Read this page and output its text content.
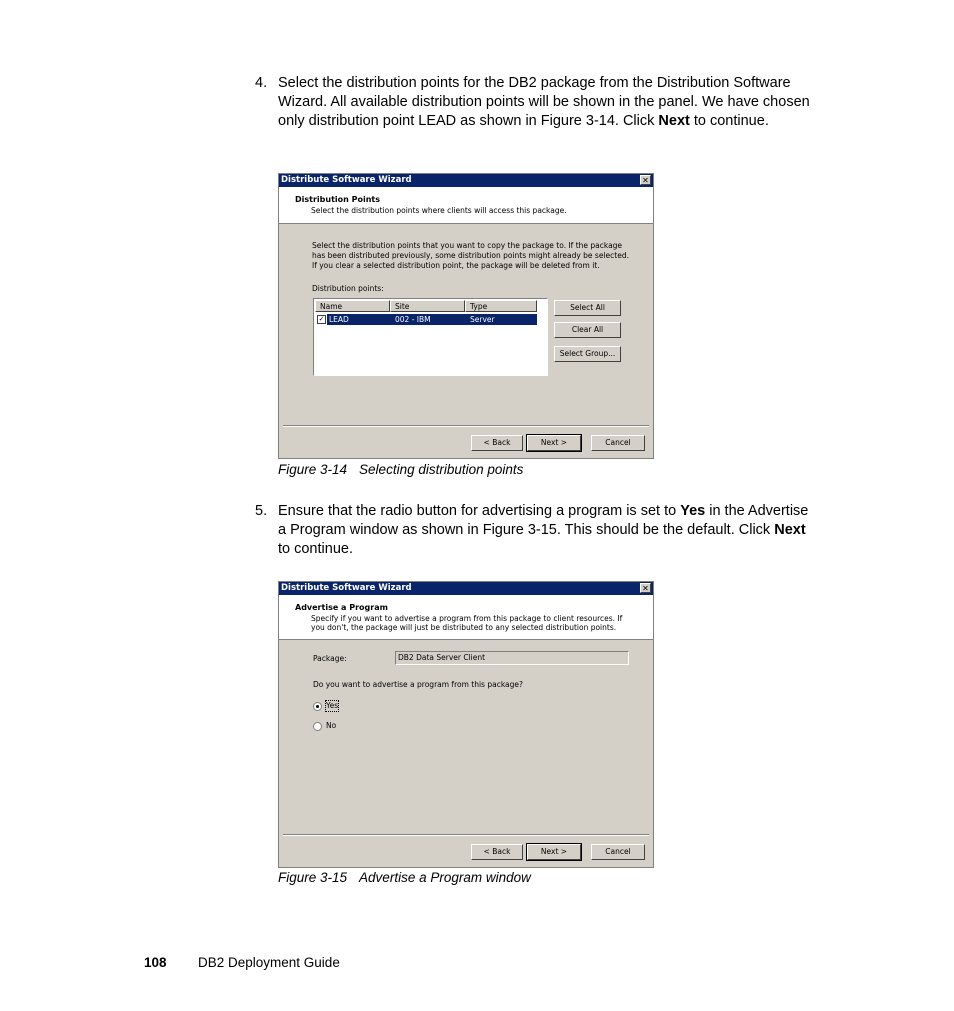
4. Select the distribution points for the DB2 package from the Distribution Software Wizard. All available distribution points will be shown in the panel. We have chosen only distribution point LEAD as shown in Figure 3-14. Click Next to continue.
Distribute Software Wizard	✕
Distribution Points
Select the distribution points where clients will access this package.
Select the distribution points that you want to copy the package to. If the package has been distributed previously, some distribution points might already be selected. If you clear a selected distribution point, the package will be deleted from it.
Distribution points:
Name	Site	Type
✓ LEAD	002 - IBM	Server
Select All
Clear All
Select Group...
< Back	Next >	Cancel
Figure 3-14 Selecting distribution points
5. Ensure that the radio button for advertising a program is set to Yes in the Advertise a Program window as shown in Figure 3-15. This should be the default. Click Next to continue.
Distribute Software Wizard	✕
Advertise a Program
Specify if you want to advertise a program from this package to client resources. If you don't, the package will just be distributed to any selected distribution points.
Package:	DB2 Data Server Client
Do you want to advertise a program from this package?
Yes
No
< Back	Next >	Cancel
Figure 3-15 Advertise a Program window
108 DB2 Deployment Guide
